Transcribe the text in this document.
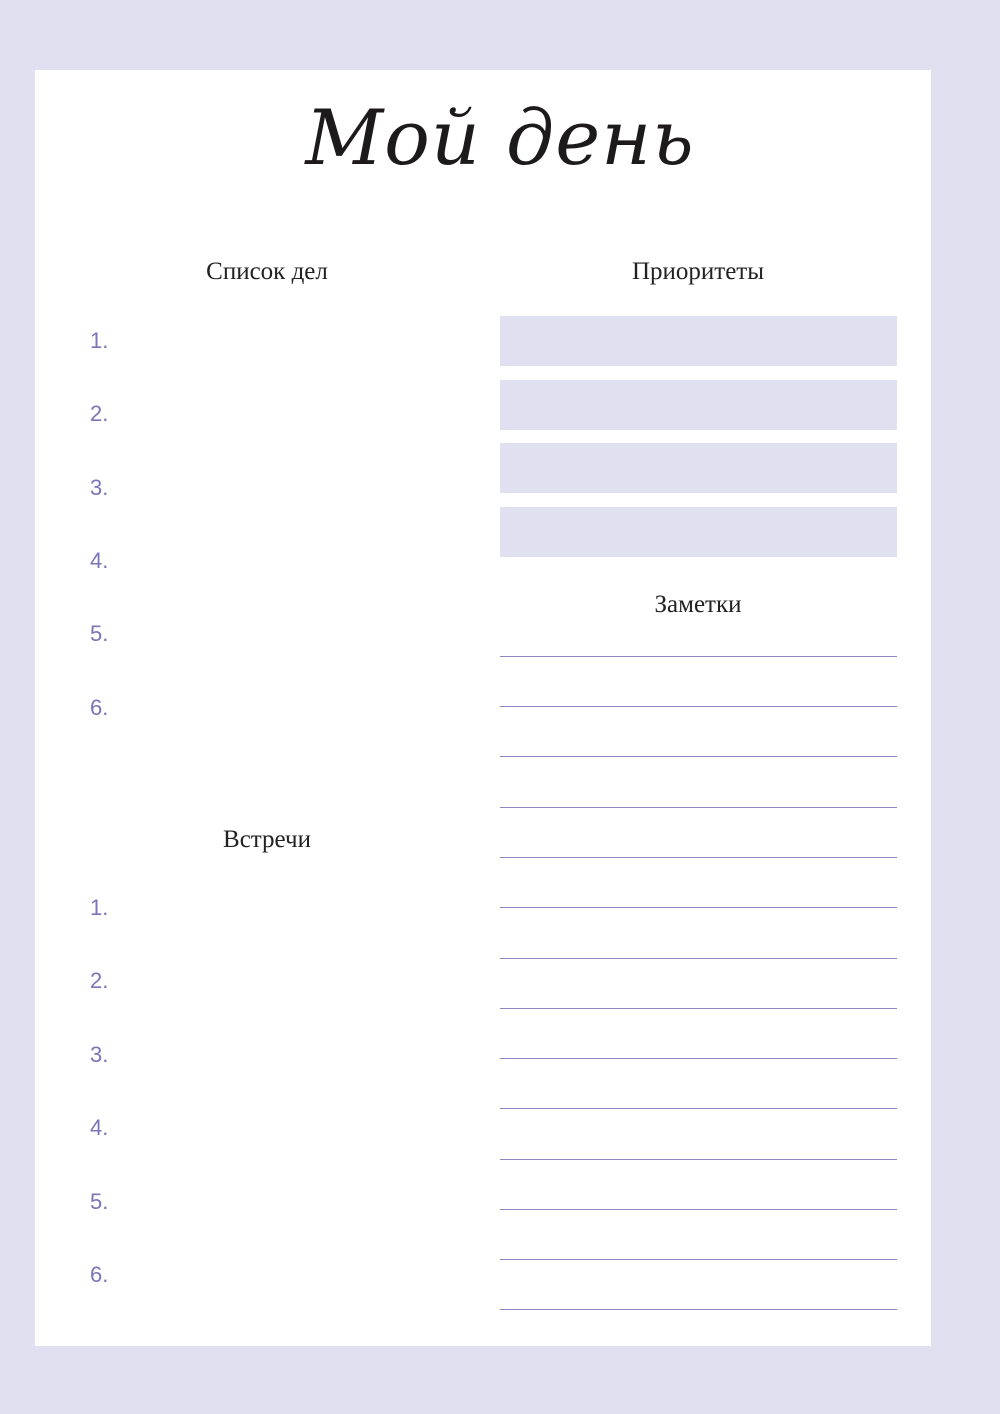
Мой день
Список дел
1.
2.
3.
4.
5.
6.
Встречи
1.
2.
3.
4.
5.
6.
Приоритеты
Заметки
